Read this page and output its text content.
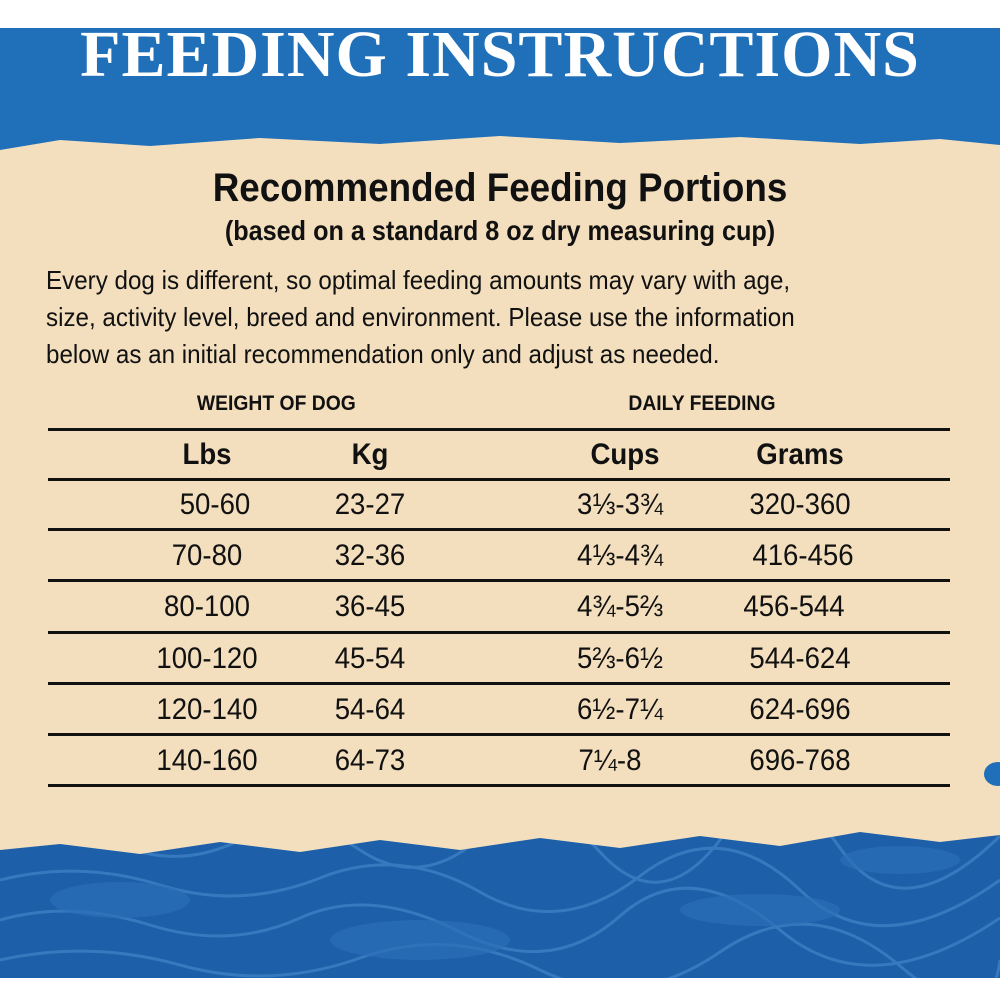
FEEDING INSTRUCTIONS
Recommended Feeding Portions
(based on a standard 8 oz dry measuring cup)
Every dog is different, so optimal feeding amounts may vary with age,
size, activity level, breed and environment. Please use the information
below as an initial recommendation only and adjust as needed.
WEIGHT OF DOG	DAILY FEEDING
Lbs	Kg	Cups	Grams
50-60	23-27	3⅓-3¾	320-360
70-80	32-36	4⅓-4¾	416-456
80-100	36-45	4¾-5⅔	456-544
100-120	45-54	5⅔-6½	544-624
120-140	54-64	6½-7¼	624-696
140-160	64-73	7¼-8	696-768
